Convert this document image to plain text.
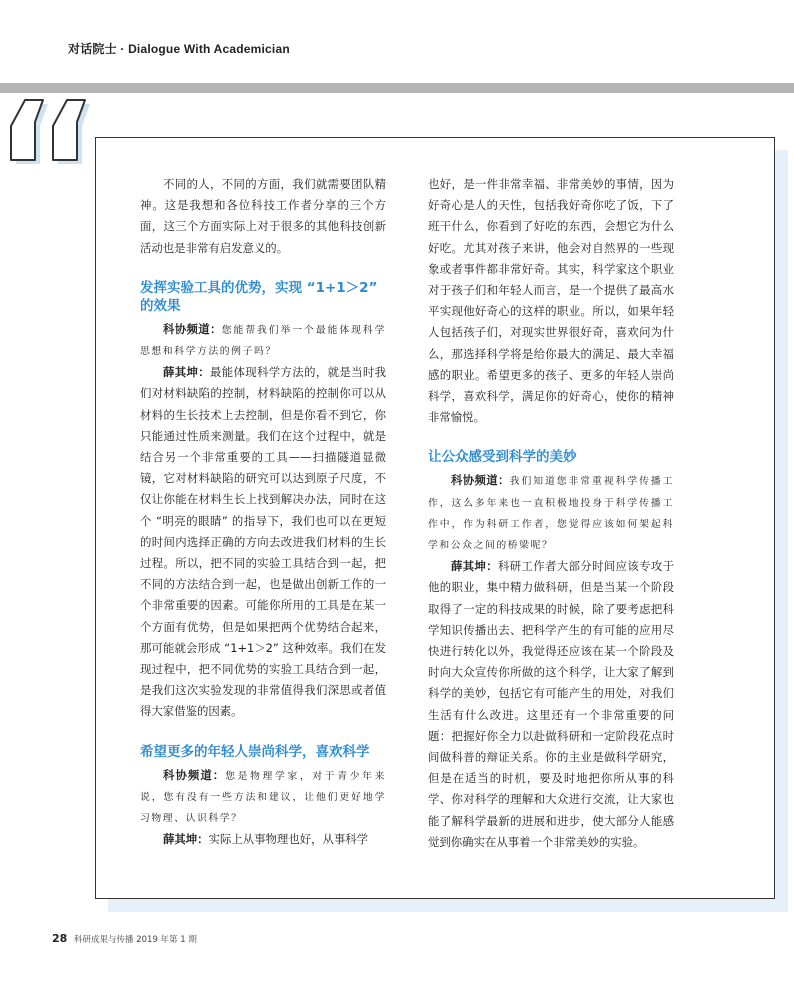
对话院士 · Dialogue With Academician

不同的人，不同的方面，我们就需要团队精神。这是我想和各位科技工作者分享的三个方面，这三个方面实际上对于很多的其他科技创新活动也是非常有启发意义的。

发挥实验工具的优势，实现 “1+1＞2” 的效果

科协频道：您能帮我们举一个最能体现科学思想和科学方法的例子吗？

薛其坤：最能体现科学方法的，就是当时我们对材料缺陷的控制，材料缺陷的控制你可以从材料的生长技术上去控制，但是你看不到它，你只能通过性质来测量。我们在这个过程中，就是结合另一个非常重要的工具——扫描隧道显微镜，它对材料缺陷的研究可以达到原子尺度，不仅让你能在材料生长上找到解决办法，同时在这个 “明亮的眼睛” 的指导下，我们也可以在更短的时间内选择正确的方向去改进我们材料的生长过程。所以，把不同的实验工具结合到一起，把不同的方法结合到一起，也是做出创新工作的一个非常重要的因素。可能你所用的工具是在某一个方面有优势，但是如果把两个优势结合起来，那可能就会形成 “1+1＞2” 这种效率。我们在发现过程中，把不同优势的实验工具结合到一起，是我们这次实验发现的非常值得我们深思或者值得大家借鉴的因素。

希望更多的年轻人崇尚科学，喜欢科学

科协频道：您是物理学家，对于青少年来说，您有没有一些方法和建议，让他们更好地学习物理、认识科学？

薛其坤：实际上从事物理也好，从事科学

也好，是一件非常幸福、非常美妙的事情，因为好奇心是人的天性，包括我好奇你吃了饭，下了班干什么，你看到了好吃的东西，会想它为什么好吃。尤其对孩子来讲，他会对自然界的一些现象或者事件都非常好奇。其实，科学家这个职业对于孩子们和年轻人而言，是一个提供了最高水平实现他好奇心的这样的职业。所以，如果年轻人包括孩子们，对现实世界很好奇，喜欢问为什么，那选择科学将是给你最大的满足、最大幸福感的职业。希望更多的孩子、更多的年轻人崇尚科学，喜欢科学，满足你的好奇心，使你的精神非常愉悦。

让公众感受到科学的美妙

科协频道：我们知道您非常重视科学传播工作，这么多年来也一直积极地投身于科学传播工作中，作为科研工作者，您觉得应该如何架起科学和公众之间的桥梁呢？

薛其坤：科研工作者大部分时间应该专攻于他的职业，集中精力做科研，但是当某一个阶段取得了一定的科技成果的时候，除了要考虑把科学知识传播出去、把科学产生的有可能的应用尽快进行转化以外，我觉得还应该在某一个阶段及时向大众宣传你所做的这个科学，让大家了解到科学的美妙，包括它有可能产生的用处，对我们生活有什么改进。这里还有一个非常重要的问题：把握好你全力以赴做科研和一定阶段花点时间做科普的辩证关系。你的主业是做科学研究，但是在适当的时机，要及时地把你所从事的科学、你对科学的理解和大众进行交流，让大家也能了解科学最新的进展和进步，使大部分人能感觉到你确实在从事着一个非常美妙的实验。

28 科研成果与传播 2019 年第 1 期
